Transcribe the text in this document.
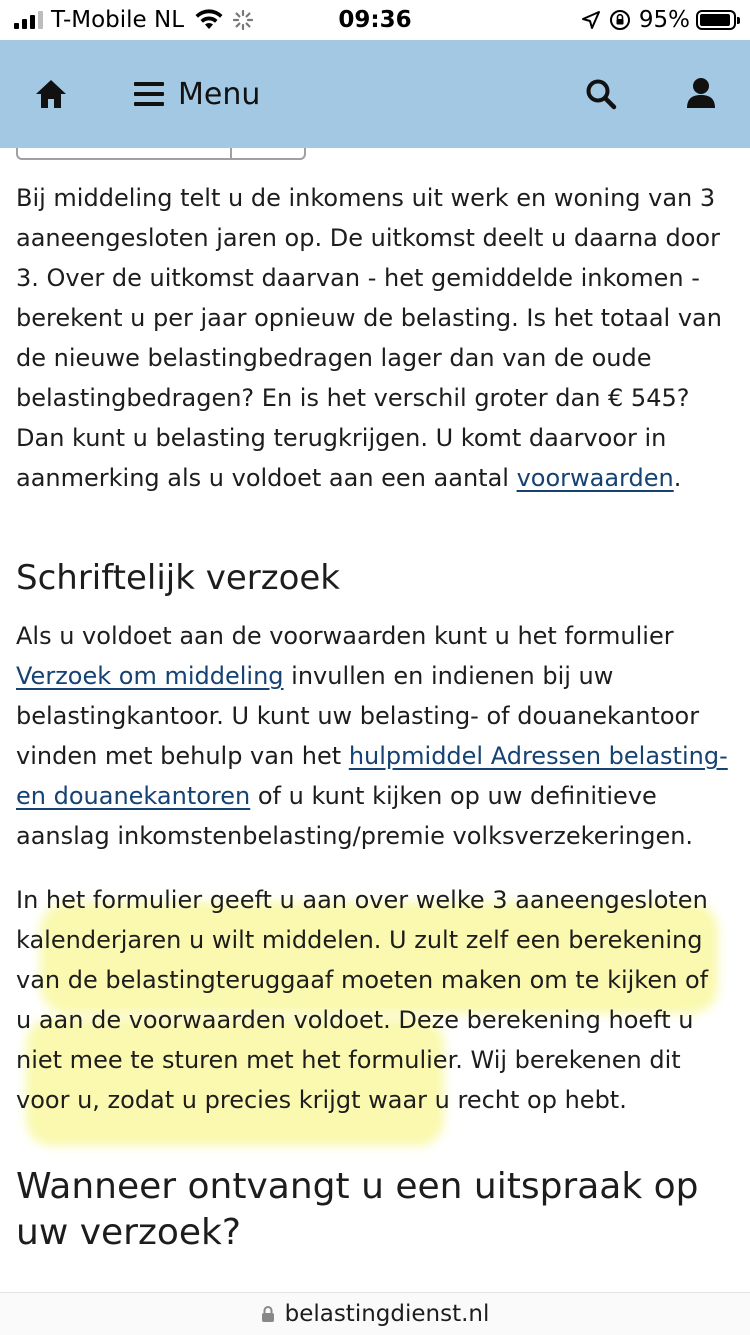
T-Mobile NL	09:36	95%
Menu

Bij middeling telt u de inkomens uit werk en woning van 3 aaneengesloten jaren op. De uitkomst deelt u daarna door 3. Over de uitkomst daarvan - het gemiddelde inkomen - berekent u per jaar opnieuw de belasting. Is het totaal van de nieuwe belastingbedragen lager dan van de oude belastingbedragen? En is het verschil groter dan € 545? Dan kunt u belasting terugkrijgen. U komt daarvoor in aanmerking als u voldoet aan een aantal voorwaarden.

Schriftelijk verzoek

Als u voldoet aan de voorwaarden kunt u het formulier Verzoek om middeling invullen en indienen bij uw belastingkantoor. U kunt uw belasting- of douanekantoor vinden met behulp van het hulpmiddel Adressen belasting- en douanekantoren of u kunt kijken op uw definitieve aanslag inkomstenbelasting/premie volksverzekeringen.

In het formulier geeft u aan over welke 3 aaneengesloten kalenderjaren u wilt middelen. U zult zelf een berekening van de belastingteruggaaf moeten maken om te kijken of u aan de voorwaarden voldoet. Deze berekening hoeft u niet mee te sturen met het formulier. Wij berekenen dit voor u, zodat u precies krijgt waar u recht op hebt.

Wanneer ontvangt u een uitspraak op uw verzoek?
belastingdienst.nl
